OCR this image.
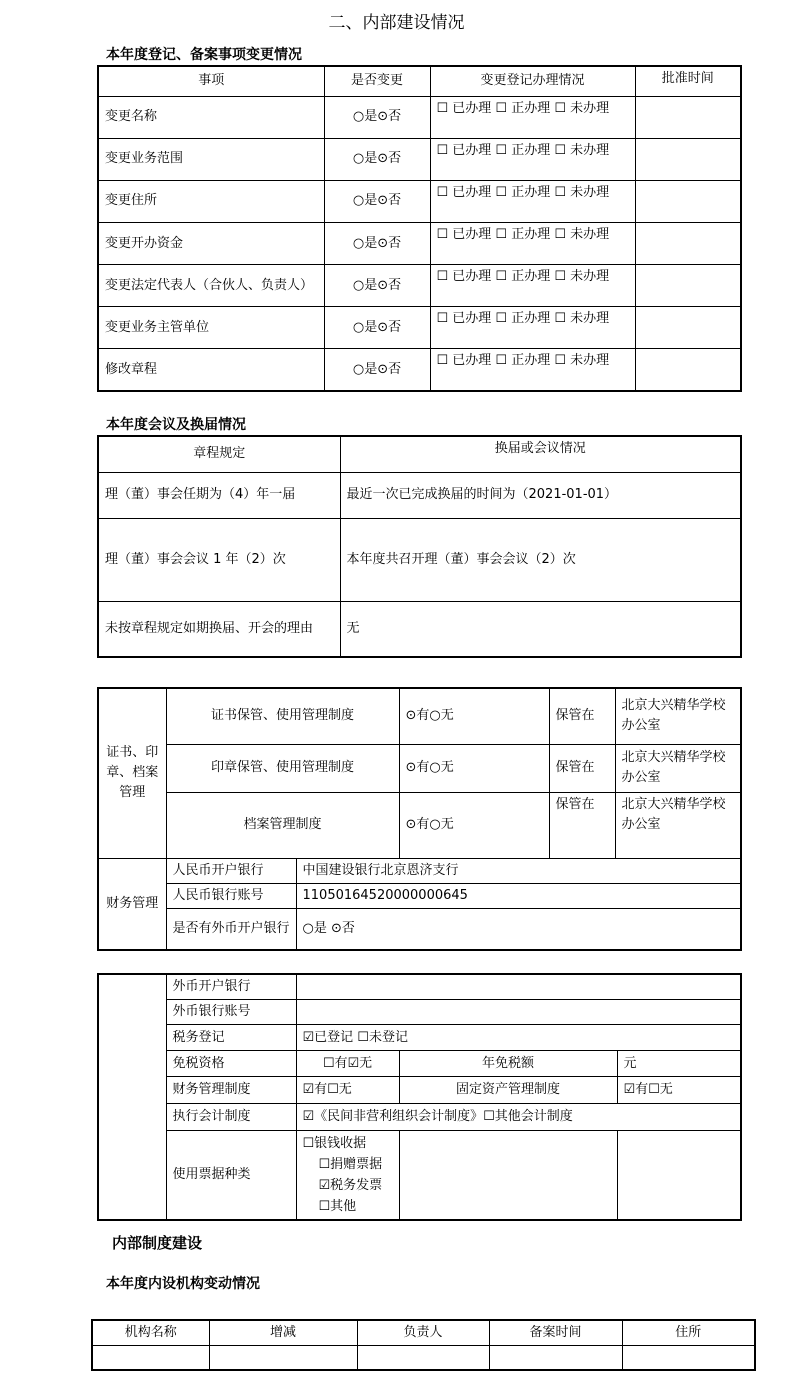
二、内部建设情况
本年度登记、备案事项变更情况
事项	是否变更	变更登记办理情况	批准时间
变更名称	○是⊙否	☐ 已办理 ☐ 正办理 ☐ 未办理	
变更业务范围	○是⊙否	☐ 已办理 ☐ 正办理 ☐ 未办理	
变更住所	○是⊙否	☐ 已办理 ☐ 正办理 ☐ 未办理	
变更开办资金	○是⊙否	☐ 已办理 ☐ 正办理 ☐ 未办理	
变更法定代表人（合伙人、负责人）	○是⊙否	☐ 已办理 ☐ 正办理 ☐ 未办理	
变更业务主管单位	○是⊙否	☐ 已办理 ☐ 正办理 ☐ 未办理	
修改章程	○是⊙否	☐ 已办理 ☐ 正办理 ☐ 未办理	
本年度会议及换届情况
章程规定	换届或会议情况
理（董）事会任期为（4）年一届	最近一次已完成换届的时间为（2021-01-01）
理（董）事会会议 1 年（2）次	本年度共召开理（董）事会会议（2）次
未按章程规定如期换届、开会的理由	无
证书、印章、档案管理	证书保管、使用管理制度		⊙有○无	保管在	北京大兴精华学校办公室
	印章保管、使用管理制度		⊙有○无	保管在	北京大兴精华学校办公室
	档案管理制度		⊙有○无	保管在	北京大兴精华学校办公室
财务管理	人民币开户银行	中国建设银行北京恩济支行			
	人民币银行账号	11050164520000000645			
	是否有外币开户银行	○是 ⊙否			
	外币开户银行			
	外币银行账号			
	税务登记	☑已登记 ☐未登记		
	免税资格	☐有☑无	年免税额	元
	财务管理制度	☑有☐无	固定资产管理制度	☑有☐无
	执行会计制度	☑《民间非营利组织会计制度》☐其他会计制度		
	使用票据种类	☐银钱收据
☐捐赠票据
☑税务发票
☐其他		

内部制度建设
本年度内设机构变动情况
机构名称	增减	负责人	备案时间	住所
